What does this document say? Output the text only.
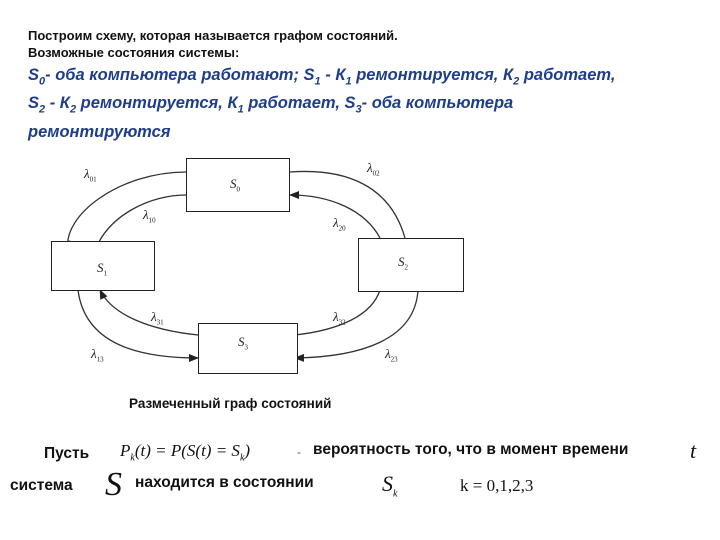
Построим схему, которая называется графом состояний.
Возможные состояния системы:
$S_0-$ оба компьютера работают; $S_1 - К_1$ ремонтируется, $К_2$ работает,
$S_2 - К_2$ ремонтируется, $К_1$ работает, $S_3-$ оба компьютера
ремонтируются
$S_0$
$S_1$
$S_2$
$S_3$
$\lambda_{01}$
$\lambda_{10}$
$\lambda_{02}$
$\lambda_{20}$
$\lambda_{31}$
$\lambda_{13}$
$\lambda_{32}$
$\lambda_{23}$
Размеченный граф состояний
Пусть $P_k(t) = P(S(t) = S_k)$	- вероятность того, что в момент времени	t
система S находится в состоянии	$S_k$	k = 0,1,2,3
